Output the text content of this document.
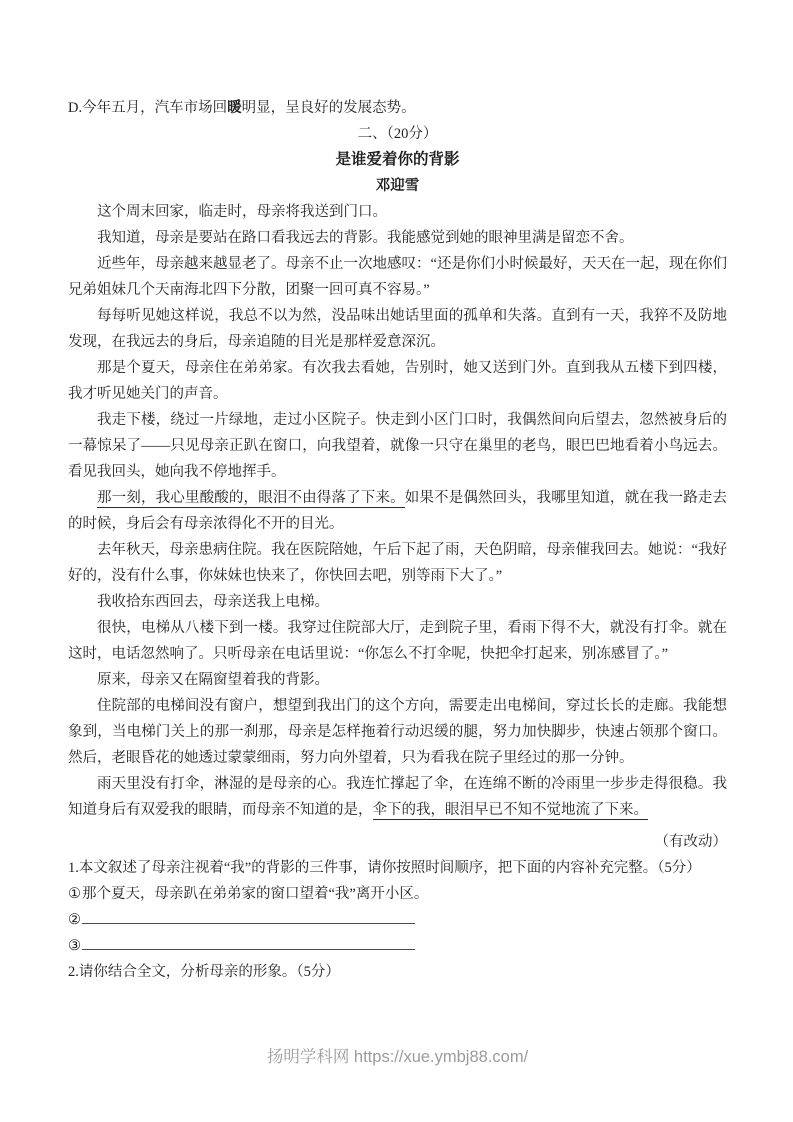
D.今年五月，汽车市场回暖明显，呈良好的发展态势。

二、（20分）

是谁爱着你的背影

邓迎雪

这个周末回家，临走时，母亲将我送到门口。

我知道，母亲是要站在路口看我远去的背影。我能感觉到她的眼神里满是留恋不舍。

近些年，母亲越来越显老了。母亲不止一次地感叹：“还是你们小时候最好，天天在一起，现在你们兄弟姐妹几个天南海北四下分散，团聚一回可真不容易。”

每每听见她这样说，我总不以为然，没品味出她话里面的孤单和失落。直到有一天，我猝不及防地发现，在我远去的身后，母亲追随的目光是那样爱意深沉。

那是个夏天，母亲住在弟弟家。有次我去看她，告别时，她又送到门外。直到我从五楼下到四楼，我才听见她关门的声音。

我走下楼，绕过一片绿地，走过小区院子。快走到小区门口时，我偶然间向后望去，忽然被身后的一幕惊呆了——只见母亲正趴在窗口，向我望着，就像一只守在巢里的老鸟，眼巴巴地看着小鸟远去。看见我回头，她向我不停地挥手。

那一刻，我心里酸酸的，眼泪不由得落了下来。如果不是偶然回头，我哪里知道，就在我一路走去的时候，身后会有母亲浓得化不开的目光。

去年秋天，母亲患病住院。我在医院陪她，午后下起了雨，天色阴暗，母亲催我回去。她说：“我好好的，没有什么事，你妹妹也快来了，你快回去吧，别等雨下大了。”

我收拾东西回去，母亲送我上电梯。

很快，电梯从八楼下到一楼。我穿过住院部大厅，走到院子里，看雨下得不大，就没有打伞。就在这时，电话忽然响了。只听母亲在电话里说：“你怎么不打伞呢，快把伞打起来，别冻感冒了。”

原来，母亲又在隔窗望着我的背影。

住院部的电梯间没有窗户，想望到我出门的这个方向，需要走出电梯间，穿过长长的走廊。我能想象到，当电梯门关上的那一刹那，母亲是怎样拖着行动迟缓的腿，努力加快脚步，快速占领那个窗口。然后，老眼昏花的她透过蒙蒙细雨，努力向外望着，只为看我在院子里经过的那一分钟。

雨天里没有打伞，淋湿的是母亲的心。我连忙撑起了伞，在连绵不断的冷雨里一步步走得很稳。我知道身后有双爱我的眼睛，而母亲不知道的是，伞下的我，眼泪早已不知不觉地流了下来。

（有改动）

1.本文叙述了母亲注视着“我”的背影的三件事，请你按照时间顺序，把下面的内容补充完整。（5分）

①那个夏天，母亲趴在弟弟家的窗口望着“我”离开小区。

②

③

2.请你结合全文，分析母亲的形象。（5分）

扬明学科网 https://xue.ymbj88.com/
